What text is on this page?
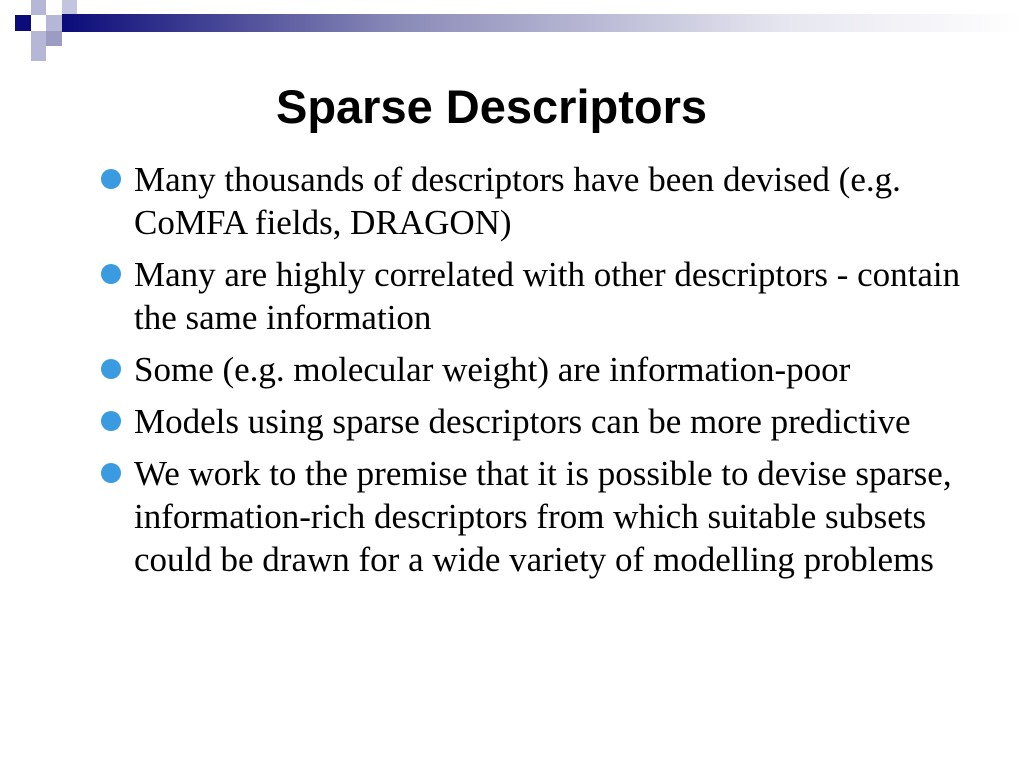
Sparse Descriptors
Many thousands of descriptors have been devised (e.g. CoMFA fields, DRAGON)
Many are highly correlated with other descriptors - contain the same information
Some (e.g. molecular weight) are information-poor
Models using sparse descriptors can be more predictive
We work to the premise that it is possible to devise sparse, information-rich descriptors from which suitable subsets could be drawn for a wide variety of modelling problems
